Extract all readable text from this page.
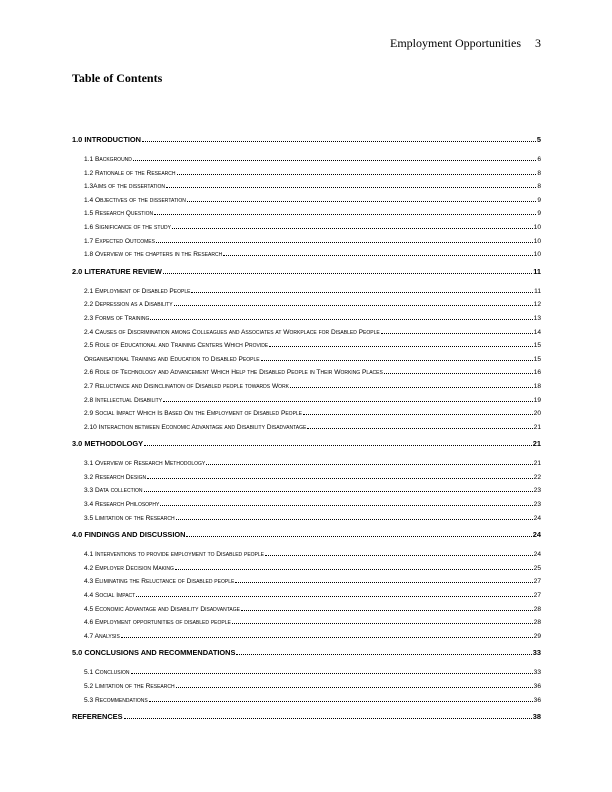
Employment Opportunities 3
Table of Contents
1.0 INTRODUCTION	5
1.1 Background	6
1.2 Rationale of the Research	8
1.3Aims of the dissertation	8
1.4 Objectives of the dissertation	9
1.5 Research Question	9
1.6 Significance of the study	10
1.7 Expected Outcomes	10
1.8 Overview of the chapters in the Research	10
2.0 LITERATURE REVIEW	11
2.1 Employment of Disabled People	11
2.2 Depression as a Disability	12
2.3 Forms of Training	13
2.4 Causes of Discrimination among Colleagues and Associates at Workplace for Disabled People	14
2.5 Role of Educational and Training Centers Which Provide	15
Organisational Training and Education to Disabled People	15
2.6 Role of Technology and Advancement Which Help the Disabled People in Their Working Places	16
2.7 Reluctance and Disinclination of Disabled people towards Work	18
2.8 Intellectual Disability	19
2.9 Social Impact Which Is Based On the Employment of Disabled People	20
2.10 Interaction between Economic Advantage and Disability Disadvantage	21
3.0 METHODOLOGY	21
3.1 Overview of Research Methodology	21
3.2 Research Design	22
3.3 Data collection	23
3.4 Research Philosophy	23
3.5 Limitation of the Research	24
4.0 FINDINGS AND DISCUSSION	24
4.1 Interventions to provide employment to Disabled people	24
4.2 Employer Decision Making	25
4.3 Eliminating the Reluctance of Disabled people	27
4.4 Social Impact	27
4.5 Economic Advantage and Disability Disadvantage	28
4.6 Employment opportunities of disabled people	28
4.7 Analysis	29
5.0 CONCLUSIONS AND RECOMMENDATIONS	33
5.1 Conclusion	33
5.2 Limitation of the Research	36
5.3 Recommendations	36
REFERENCES	38
